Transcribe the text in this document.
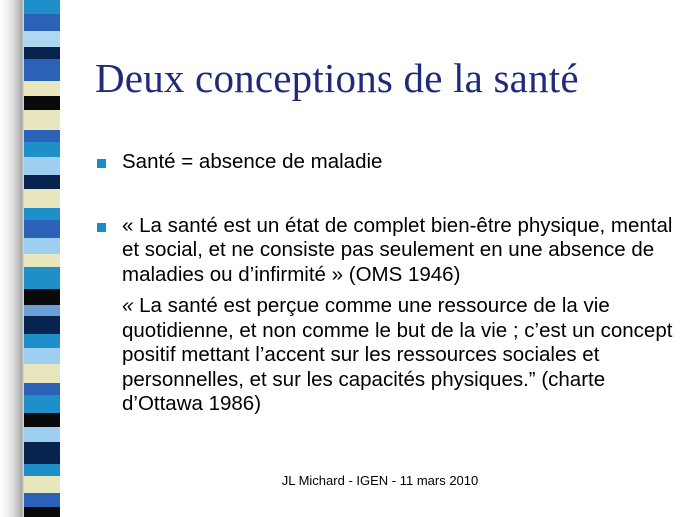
Deux conceptions de la santé
Santé = absence de maladie
« La santé est un état de complet bien-être physique, mental et social, et ne consiste pas seulement en une absence de maladies ou d’infirmité » (OMS 1946)
« La santé est perçue comme une ressource de la vie quotidienne, et non comme le but de la vie ; c’est un concept positif mettant l’accent sur les ressources sociales et personnelles, et sur les capacités physiques.” (charte d’Ottawa 1986)
JL Michard - IGEN - 11 mars 2010
